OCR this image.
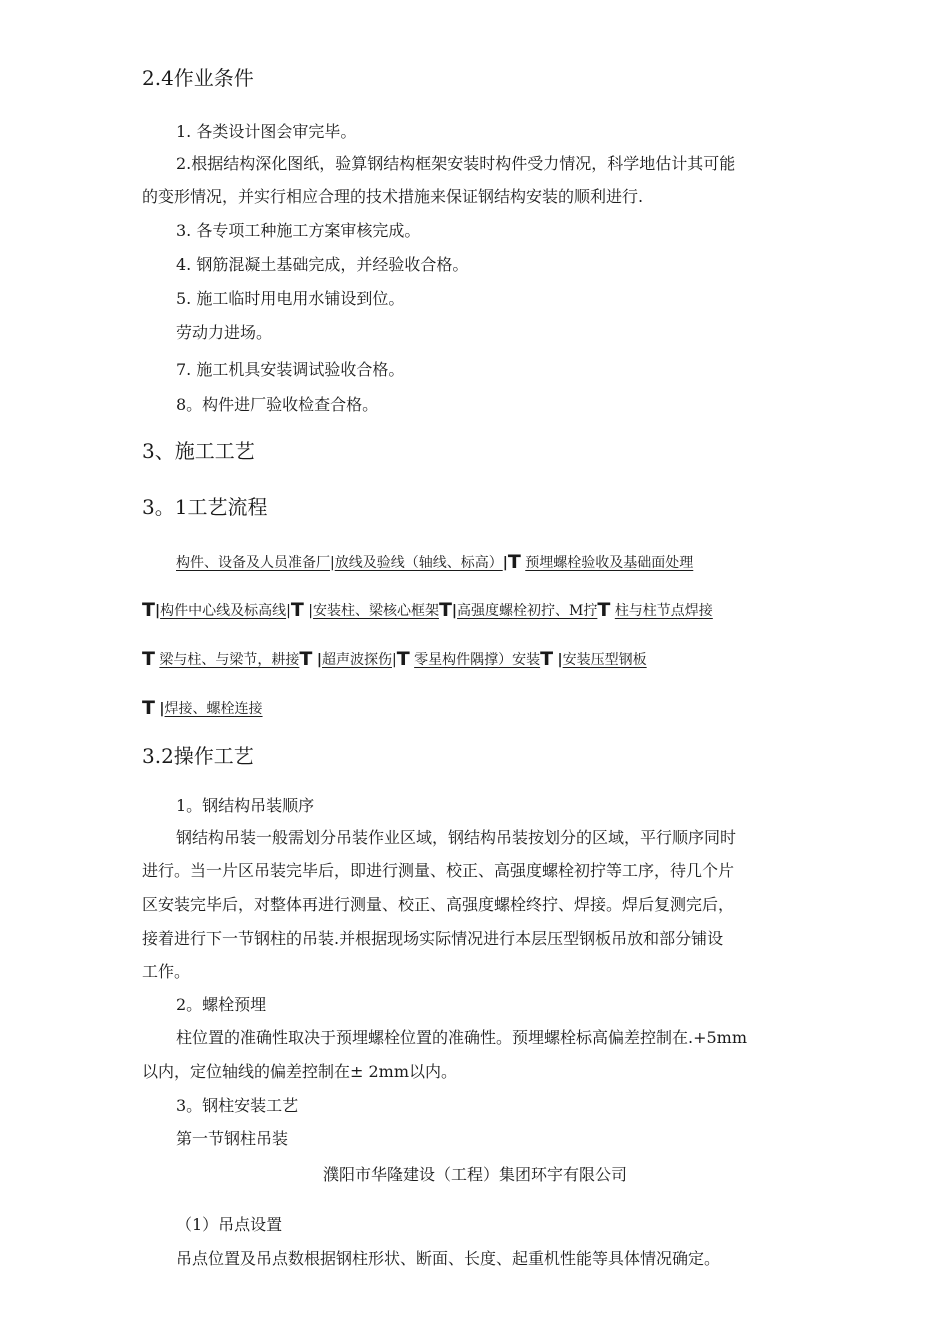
2.4作业条件
1. 各类设计图会审完毕。
2.根据结构深化图纸，验算钢结构框架安装时构件受力情况，科学地估计其可能
的变形情况，并实行相应合理的技术措施来保证钢结构安装的顺利进行.
3. 各专项工种施工方案审核完成。
4. 钢筋混凝土基础完成，并经验收合格。
5. 施工临时用电用水铺设到位。
劳动力进场。
7. 施工机具安装调试验收合格。
8。构件进厂验收检查合格。
3、施工工艺
3。1工艺流程
构件、设备及人员准备厂|放线及验线（轴线、标高）|T 预埋螺栓验收及基础面处理
T|构件中心线及标高线|T |安装柱、梁核心框架T|高强度螺栓初拧、M拧T 柱与柱节点焊接
T 梁与柱、与梁节，耕接T |超声波探伤|T 零星构件隅撑）安装T |安装压型钢板
T |焊接、螺栓连接
3.2操作工艺
1。钢结构吊装顺序
钢结构吊装一般需划分吊装作业区域，钢结构吊装按划分的区域，平行顺序同时
进行。当一片区吊装完毕后，即进行测量、校正、高强度螺栓初拧等工序，待几个片
区安装完毕后，对整体再进行测量、校正、高强度螺栓终拧、焊接。焊后复测完后，
接着进行下一节钢柱的吊装.并根据现场实际情况进行本层压型钢板吊放和部分铺设
工作。
2。螺栓预埋
柱位置的准确性取决于预埋螺栓位置的准确性。预埋螺栓标高偏差控制在.+5mm
以内，定位轴线的偏差控制在± 2mm以内。
3。钢柱安装工艺
第一节钢柱吊装
濮阳市华隆建设（工程）集团环宇有限公司
（1）吊点设置
吊点位置及吊点数根据钢柱形状、断面、长度、起重机性能等具体情况确定。
